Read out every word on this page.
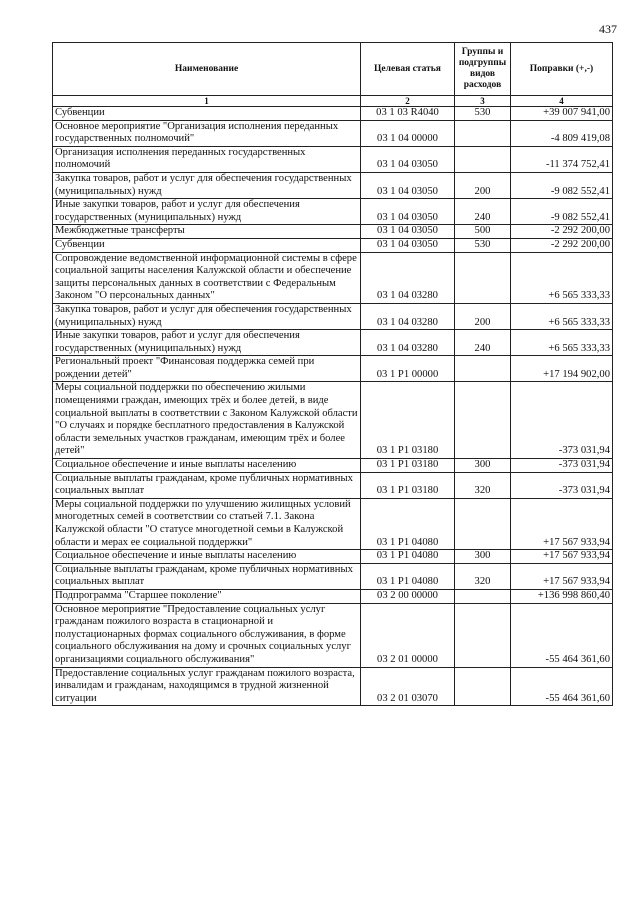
437
Наименование	Целевая статья	Группы и подгруппы видов расходов	Поправки (+,-)
1	2	3	4
Субвенции	03 1 03 R4040	530	+39 007 941,00
Основное мероприятие "Организация исполнения переданных государственных полномочий"	03 1 04 00000		-4 809 419,08
Организация исполнения переданных государственных полномочий	03 1 04 03050		-11 374 752,41
Закупка товаров, работ и услуг для обеспечения государственных (муниципальных) нужд	03 1 04 03050	200	-9 082 552,41
Иные закупки товаров, работ и услуг для обеспечения государственных (муниципальных) нужд	03 1 04 03050	240	-9 082 552,41
Межбюджетные трансферты	03 1 04 03050	500	-2 292 200,00
Субвенции	03 1 04 03050	530	-2 292 200,00
Сопровождение ведомственной информационной системы в сфере социальной защиты населения Калужской области и обеспечение защиты персональных данных в соответствии с Федеральным Законом "О персональных данных"	03 1 04 03280		+6 565 333,33
Закупка товаров, работ и услуг для обеспечения государственных (муниципальных) нужд	03 1 04 03280	200	+6 565 333,33
Иные закупки товаров, работ и услуг для обеспечения государственных (муниципальных) нужд	03 1 04 03280	240	+6 565 333,33
Региональный проект "Финансовая поддержка семей при рождении детей"	03 1 P1 00000		+17 194 902,00
Меры социальной поддержки по обеспечению жилыми помещениями граждан, имеющих трёх и более детей, в виде социальной выплаты в соответствии с Законом Калужской области "О случаях и порядке бесплатного предоставления в Калужской области земельных участков гражданам, имеющим трёх и более детей"	03 1 P1 03180		-373 031,94
Социальное обеспечение и иные выплаты населению	03 1 P1 03180	300	-373 031,94
Социальные выплаты гражданам, кроме публичных нормативных социальных выплат	03 1 P1 03180	320	-373 031,94
Меры социальной поддержки по улучшению жилищных условий многодетных семей в соответствии со статьей 7.1. Закона Калужской области "О статусе многодетной семьи в Калужской области и мерах ее социальной поддержки"	03 1 P1 04080		+17 567 933,94
Социальное обеспечение и иные выплаты населению	03 1 P1 04080	300	+17 567 933,94
Социальные выплаты гражданам, кроме публичных нормативных социальных выплат	03 1 P1 04080	320	+17 567 933,94
Подпрограмма "Старшее поколение"	03 2 00 00000		+136 998 860,40
Основное мероприятие "Предоставление социальных услуг гражданам пожилого возраста в стационарной и полустационарных формах социального обслуживания, в форме социального обслуживания на дому и срочных социальных услуг организациями социального обслуживания"	03 2 01 00000		-55 464 361,60
Предоставление социальных услуг гражданам пожилого возраста, инвалидам и гражданам, находящимся в трудной жизненной ситуации	03 2 01 03070		-55 464 361,60
